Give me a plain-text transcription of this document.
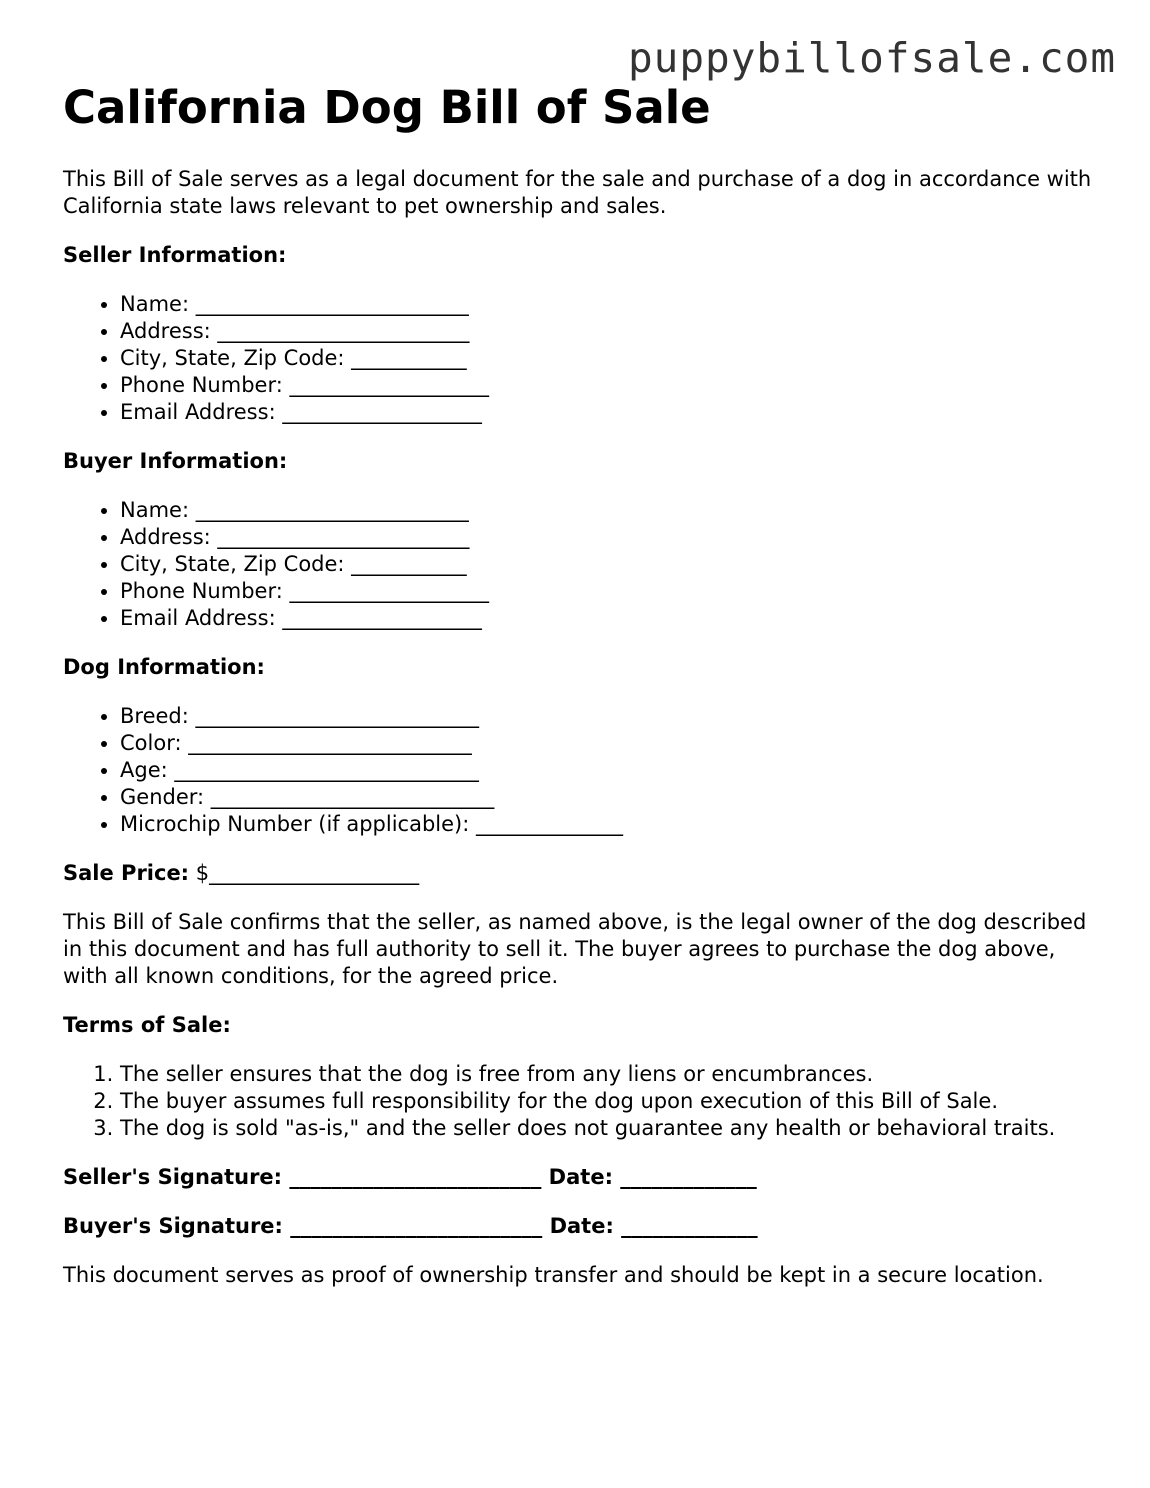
puppybillofsale.com
California Dog Bill of Sale

This Bill of Sale serves as a legal document for the sale and purchase of a dog in accordance with California state laws relevant to pet ownership and sales.

Seller Information:
• Name: __________________________
• Address: ________________________
• City, State, Zip Code: ___________
• Phone Number: ___________________
• Email Address: ___________________
Buyer Information:
• Name: __________________________
• Address: ________________________
• City, State, Zip Code: ___________
• Phone Number: ___________________
• Email Address: ___________________
Dog Information:
• Breed: ___________________________
• Color: ___________________________
• Age: _____________________________
• Gender: ___________________________
• Microchip Number (if applicable): ______________
Sale Price: $____________________

This Bill of Sale confirms that the seller, as named above, is the legal owner of the dog described in this document and has full authority to sell it. The buyer agrees to purchase the dog above, with all known conditions, for the agreed price.

Terms of Sale:
1. The seller ensures that the dog is free from any liens or encumbrances.
2. The buyer assumes full responsibility for the dog upon execution of this Bill of Sale.
3. The dog is sold "as-is," and the seller does not guarantee any health or behavioral traits.
Seller's Signature: ________________________ Date: _____________
Buyer's Signature: ________________________ Date: _____________

This document serves as proof of ownership transfer and should be kept in a secure location.
